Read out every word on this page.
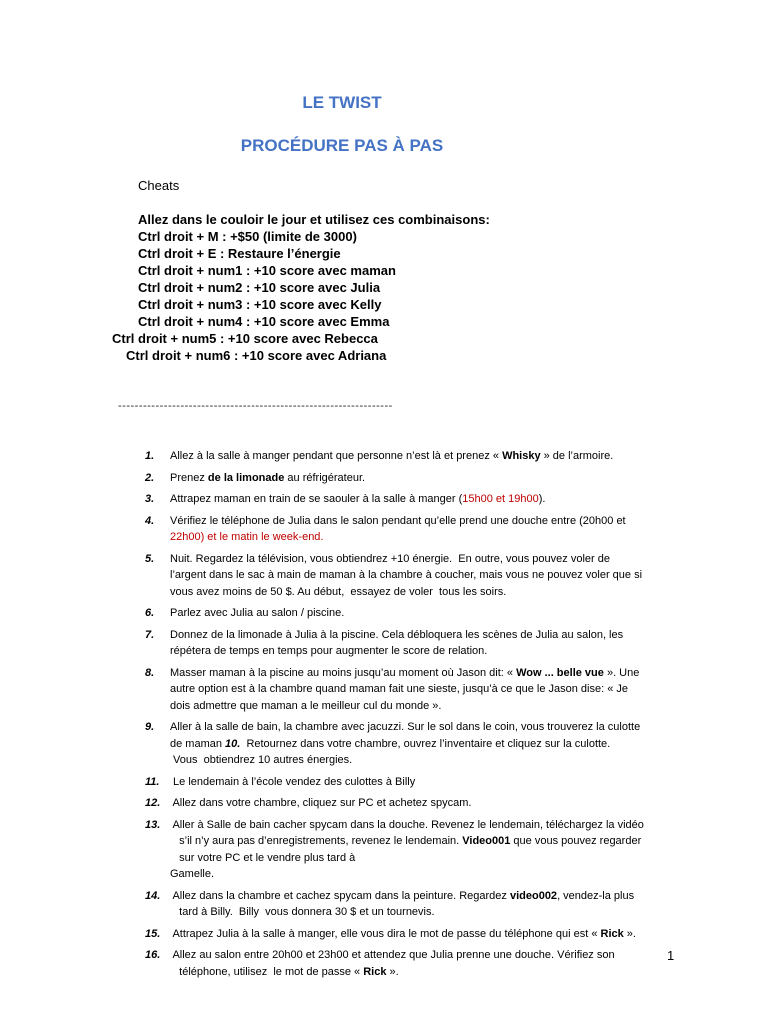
LE TWIST
PROCÉDURE PAS À PAS
Cheats
Allez dans le couloir le jour et utilisez ces combinaisons:
Ctrl droit + M : +$50 (limite de 3000)
Ctrl droit + E : Restaure l’énergie
Ctrl droit + num1 : +10 score avec maman
Ctrl droit + num2 : +10 score avec Julia
Ctrl droit + num3 : +10 score avec Kelly
Ctrl droit + num4 : +10 score avec Emma
Ctrl droit + num5 : +10 score avec Rebecca
Ctrl droit + num6 : +10 score avec Adriana
------------------------------------------------------------------
1. Allez à la salle à manger pendant que personne n’est là et prenez « Whisky » de l’armoire.
2. Prenez de la limonade au réfrigérateur.
3. Attrapez maman en train de se saouler à la salle à manger (15h00 et 19h00).
4. Vérifiez le téléphone de Julia dans le salon pendant qu’elle prend une douche entre (20h00 et
22h00) et le matin le week-end.
5. Nuit. Regardez la télévision, vous obtiendrez +10 énergie.  En outre, vous pouvez voler de
l’argent dans le sac à main de maman à la chambre à coucher, mais vous ne pouvez voler que si
vous avez moins de 50 $. Au début,  essayez de voler  tous les soirs.
6. Parlez avec Julia au salon / piscine.
7. Donnez de la limonade à Julia à la piscine. Cela débloquera les scènes de Julia au salon, les
répétera de temps en temps pour augmenter le score de relation.
8. Masser maman à la piscine au moins jusqu’au moment où Jason dit: « Wow ... belle vue ». Une
autre option est à la chambre quand maman fait une sieste, jusqu’à ce que le Jason dise: « Je
dois admettre que maman a le meilleur cul du monde ».
9. Aller à la salle de bain, la chambre avec jacuzzi. Sur le sol dans le coin, vous trouverez la culotte
de maman 10.  Retournez dans votre chambre, ouvrez l’inventaire et cliquez sur la culotte.
Vous  obtiendrez 10 autres énergies.
11. Le lendemain à l’école vendez des culottes à Billy
12. Allez dans votre chambre, cliquez sur PC et achetez spycam.
13. Aller à Salle de bain cacher spycam dans la douche. Revenez le lendemain, téléchargez la vidéo
s’il n’y aura pas d’enregistrements, revenez le lendemain. Video001 que vous pouvez regarder
sur votre PC et le vendre plus tard à
Gamelle.
14. Allez dans la chambre et cachez spycam dans la peinture. Regardez video002, vendez-la plus
tard à Billy.  Billy  vous donnera 30 $ et un tournevis.
15. Attrapez Julia à la salle à manger, elle vous dira le mot de passe du téléphone qui est « Rick ».
16. Allez au salon entre 20h00 et 23h00 et attendez que Julia prenne une douche. Vérifiez son
téléphone, utilisez  le mot de passe « Rick ».
1
